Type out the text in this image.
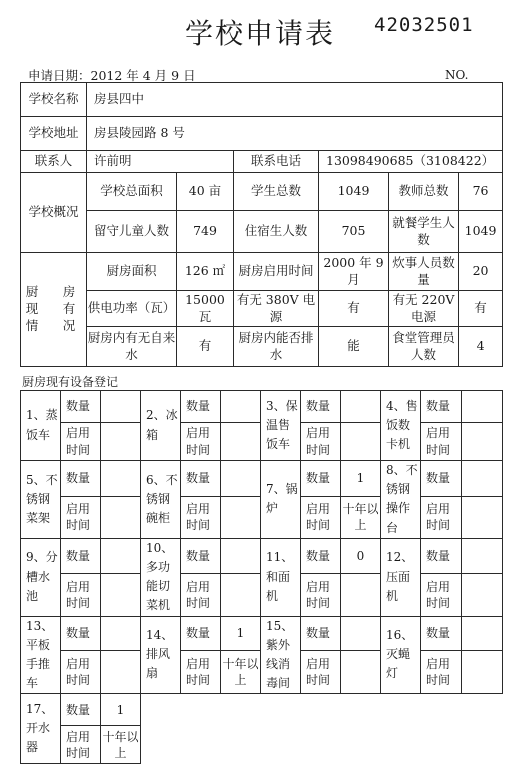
学校申请表	42032501
申请日期：2012 年 4 月 9 日	NO.
学校名称	房县四中					
学校地址	房县陵园路 8 号					
联系人	许前明		联系电话	13098490685（3108422）		
学校概况	学校总面积	40 亩	学生总数	1049	教师总数	76
	留守儿童人数	749	住宿生人数	705	就餐学生人数	1049

厨　房
现　有
情　况	厨房面积	126 ㎡	厨房启用时间	2000 年 9 月	炊事人员数量	20
	供电功率（瓦）	15000 瓦	有无 380V 电源	有	有无 220V 电源	有
	厨房内有无自来水	有	厨房内能否排水	能	食堂管理员人数	4
厨房现有设备登记
1、蒸饭车	数量		2、冰箱	数量		3、保温售饭车	数量		4、售饭数卡机	数量	
	启用时间			启用时间			启用时间			启用时间	
5、不锈钢菜架	数量		6、不锈钢碗柜	数量		7、锅炉	数量	1	8、不锈钢操作台	数量	
	启用时间			启用时间			启用时间	十年以上		启用时间	
9、分槽水池	数量		10、多功能切菜机	数量		11、和面机	数量	0	12、压面机	数量	
	启用时间			启用时间			启用时间			启用时间	
13、平板手推车	数量		14、排风扇	数量	1	15、紫外线消毒间	数量		16、灭蝇灯	数量	
	启用时间			启用时间	十年以上		启用时间			启用时间	
17、开水器	数量	1									
	启用时间	十年以上									
